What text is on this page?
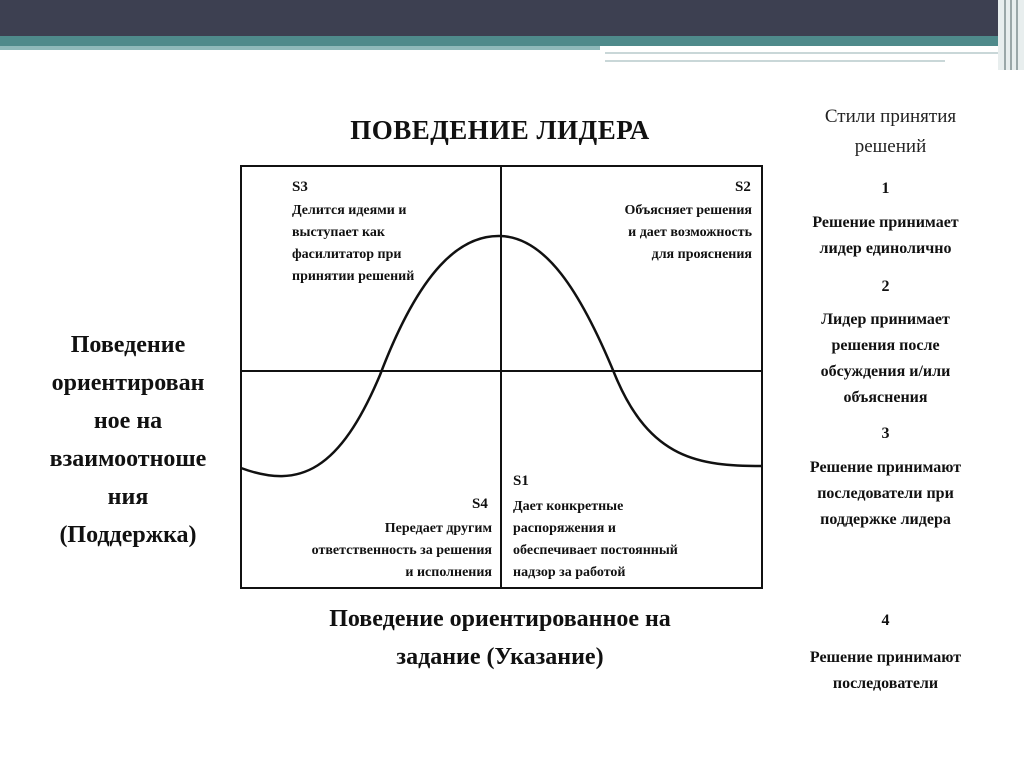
ПОВЕДЕНИЕ ЛИДЕРА
S3
Делится идеями и
выступает как
фасилитатор при
принятии решений
S2
Объясняет решения
и дает возможность
для прояснения
S4
Передает другим
ответственность за решения
и исполнения
S1
Дает конкретные
распоряжения и
обеспечивает постоянный
надзор за работой
Поведение
ориентирован
ное на
взаимоотноше
ния
(Поддержка)
Поведение ориентированное на
задание (Указание)
Стили принятия
решений
1
Решение принимает
лидер единолично
2
Лидер принимает
решения после
обсуждения и/или
объяснения
3
Решение принимают
последователи при
поддержке лидера
4
Решение принимают
последователи
